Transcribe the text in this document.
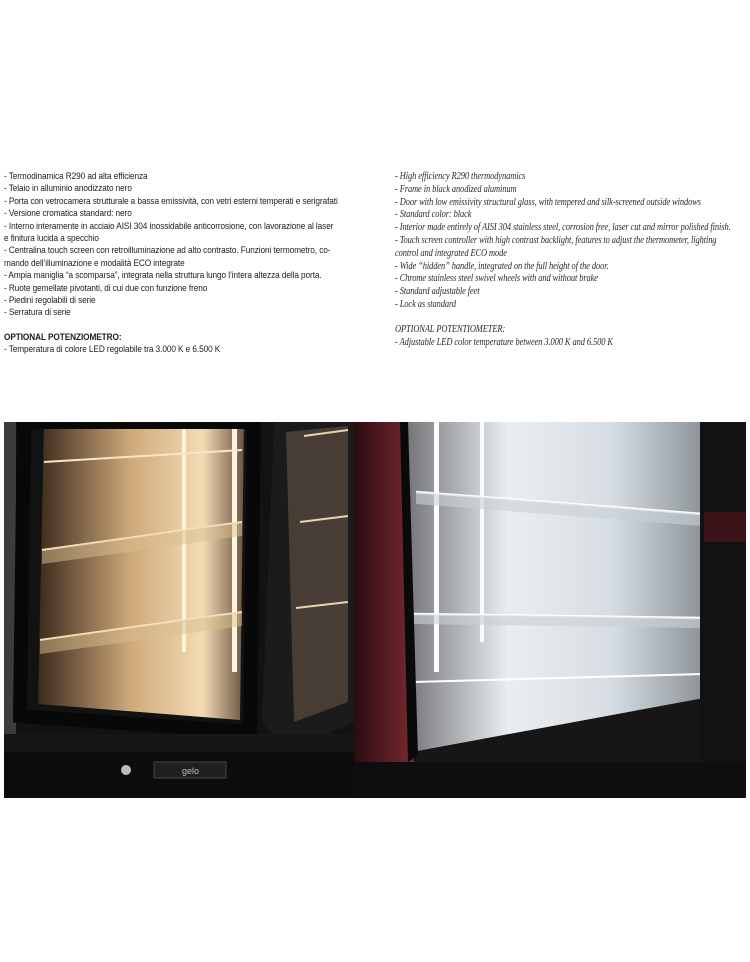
- Termodinamica R290 ad alta efficienza
- Telaio in alluminio anodizzato nero
- Porta con vetrocamera strutturale a bassa emissività, con vetri esterni temperati e serigrafati
- Versione cromatica standard: nero
- Interno interamente in acciaio AISI 304 inossidabile anticorrosione, con lavorazione al laser
e finitura lucida a specchio
- Centralina touch screen con retroilluminazione ad alto contrasto. Funzioni termometro, co-
mando dell’illuminazione e modalità ECO integrate
- Ampia maniglia “a scomparsa”, integrata nella struttura lungo l’intera altezza della porta.
- Ruote gemellate pivotanti, di cui due con funzione freno
- Piedini regolabili di serie
- Serratura di serie
OPTIONAL POTENZIOMETRO:
- Temperatura di colore LED regolabile tra 3.000 K e 6.500 K
- High efficiency R290 thermodynamics
- Frame in black anodized aluminum
- Door with low emissivity structural glass, with tempered and silk-screened outside windows
- Standard color: black
- Interior made entirely of AISI 304 stainless steel, corrosion free, laser cut and mirror polished finish.
- Touch screen controller with high contrast backlight, features to adjust the thermometer, lighting
control and integrated ECO mode
- Wide “hidden” handle, integrated on the full height of the door.
- Chrome stainless steel swivel wheels with and without brake
- Standard adjustable feet
- Lock as standard
OPTIONAL POTENTIOMETER:
- Adjustable LED color temperature between 3.000 K and 6.500 K
gelo
